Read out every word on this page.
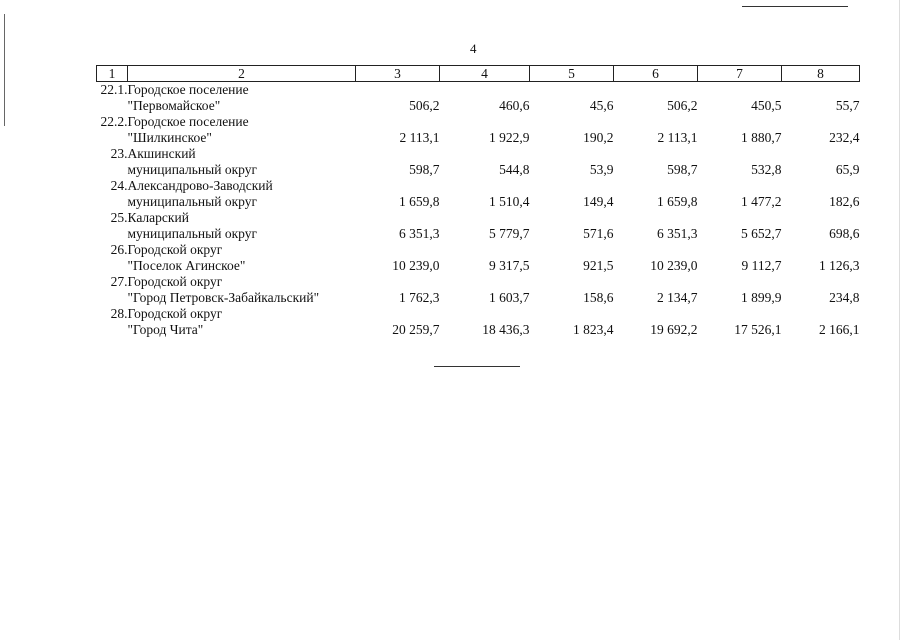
4
1	2	3	4	5	6	7	8
22.1.	Городское поселение						
	"Первомайское"	506,2	460,6	45,6	506,2	450,5	55,7
22.2.	Городское поселение						
	"Шилкинское"	2 113,1	1 922,9	190,2	2 113,1	1 880,7	232,4
23.	Акшинский						
	муниципальный округ	598,7	544,8	53,9	598,7	532,8	65,9
24.	Александрово-Заводский						
	муниципальный округ	1 659,8	1 510,4	149,4	1 659,8	1 477,2	182,6
25.	Каларский						
	муниципальный округ	6 351,3	5 779,7	571,6	6 351,3	5 652,7	698,6
26.	Городской округ						
	"Поселок Агинское"	10 239,0	9 317,5	921,5	10 239,0	9 112,7	1 126,3
27.	Городской округ						
	"Город Петровск-Забайкальский"	1 762,3	1 603,7	158,6	2 134,7	1 899,9	234,8
28.	Городской округ						
	"Город Чита"	20 259,7	18 436,3	1 823,4	19 692,2	17 526,1	2 166,1
